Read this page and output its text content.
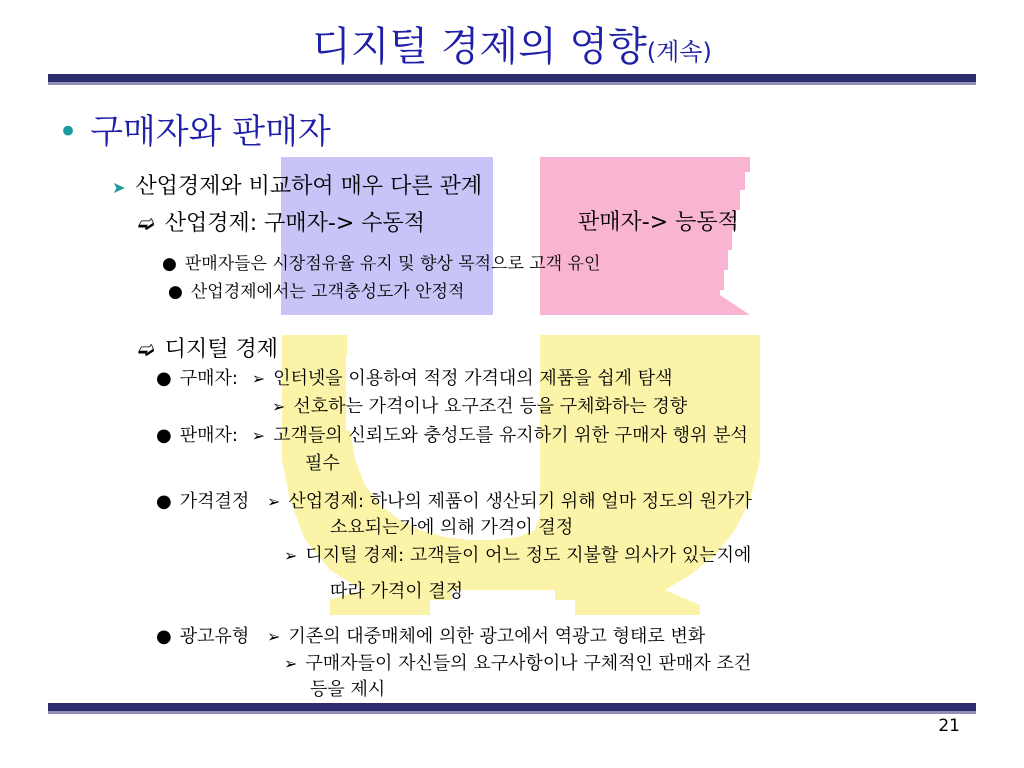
디지털 경제의 영향(계속)
• 구매자와 판매자
➤ 산업경제와 비교하여 매우 다른 관계
➫ 산업경제: 구매자-> 수동적	판매자-> 능동적
● 판매자들은 시장점유율 유지 및 향상 목적으로 고객 유인
● 산업경제에서는 고객충성도가 안정적
➫ 디지털 경제
● 구매자: ➢ 인터넷을 이용하여 적정 가격대의 제품을 쉽게 탐색
➢ 선호하는 가격이나 요구조건 등을 구체화하는 경향
● 판매자: ➢ 고객들의 신뢰도와 충성도를 유지하기 위한 구매자 행위 분석
필수
● 가격결정 ➢ 산업경제: 하나의 제품이 생산되기 위해 얼마 정도의 원가가
소요되는가에 의해 가격이 결정
➢ 디지털 경제: 고객들이 어느 정도 지불할 의사가 있는지에
따라 가격이 결정
● 광고유형 ➢ 기존의 대중매체에 의한 광고에서 역광고 형태로 변화
➢ 구매자들이 자신들의 요구사항이나 구체적인 판매자 조건
등을 제시
21
